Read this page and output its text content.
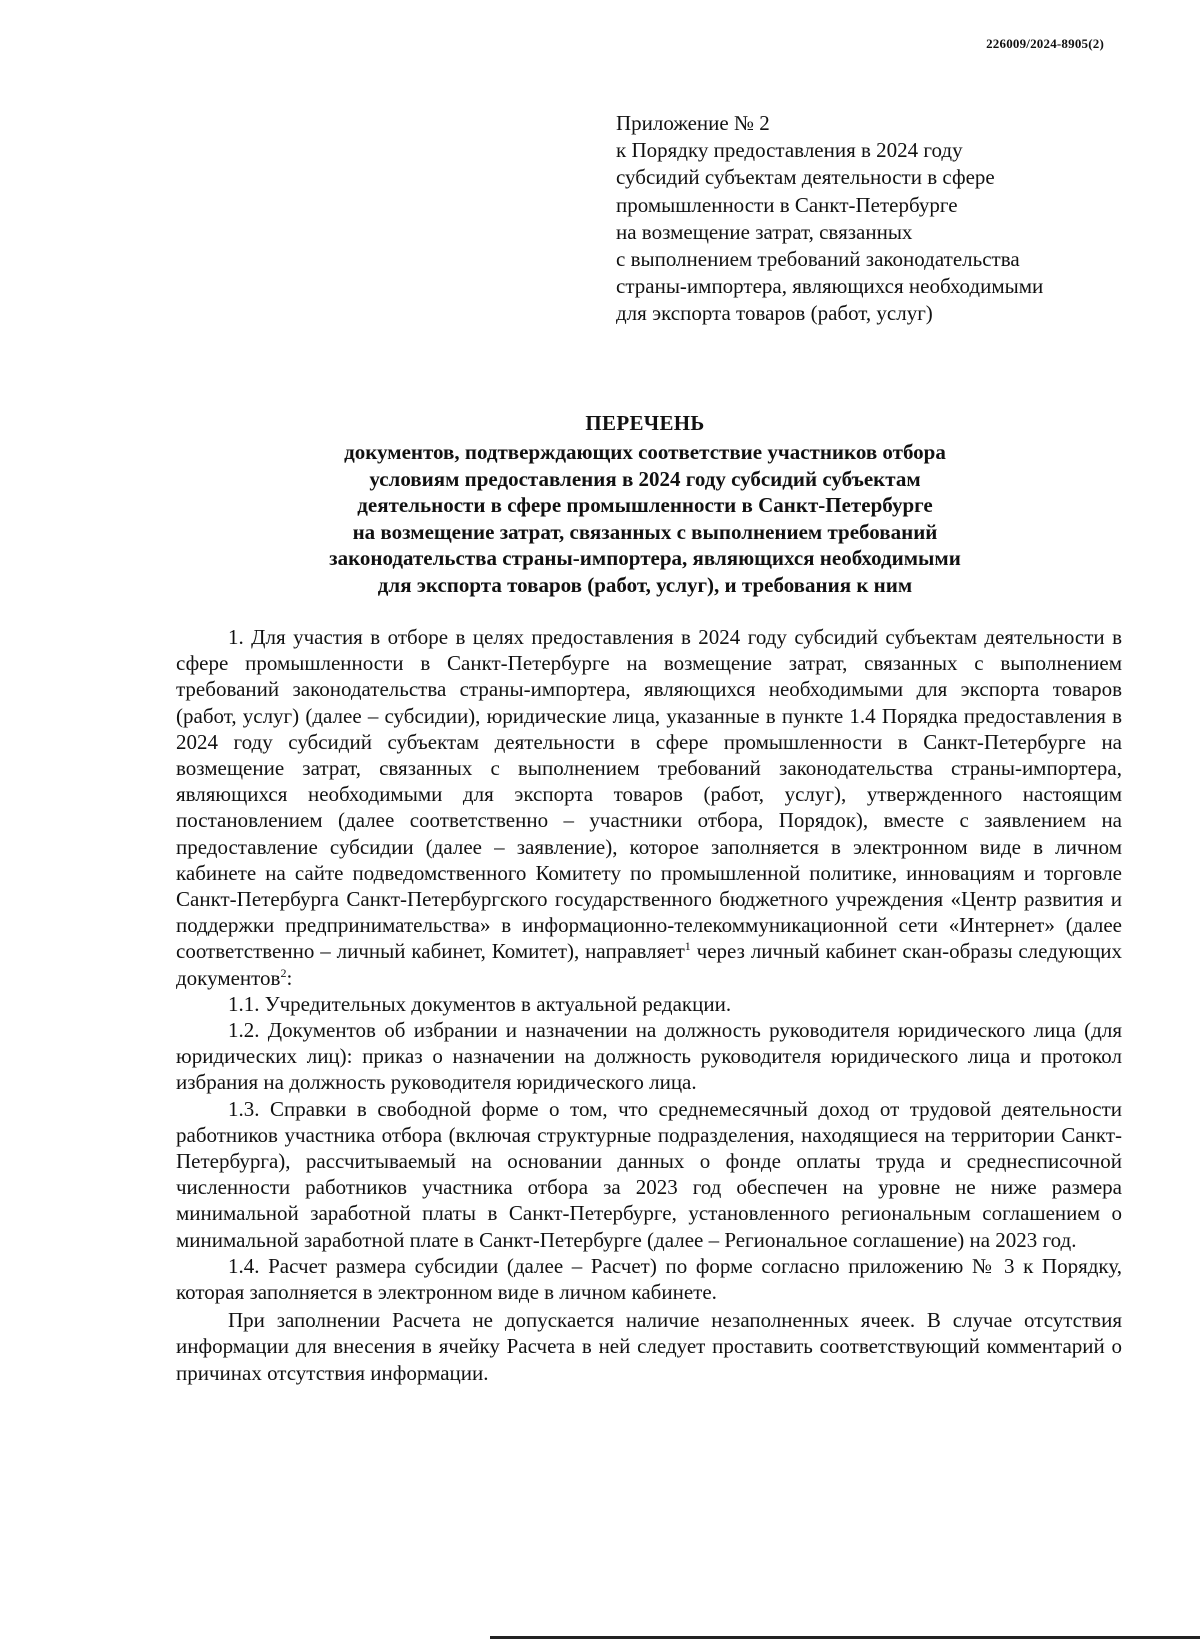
226009/2024-8905(2)
Приложение № 2
к Порядку предоставления в 2024 году
субсидий субъектам деятельности в сфере
промышленности в Санкт-Петербурге
на возмещение затрат, связанных
с выполнением требований законодательства
страны-импортера, являющихся необходимыми
для экспорта товаров (работ, услуг)
ПЕРЕЧЕНЬ
документов, подтверждающих соответствие участников отбора
условиям предоставления в 2024 году субсидий субъектам
деятельности в сфере промышленности в Санкт-Петербурге
на возмещение затрат, связанных с выполнением требований
законодательства страны-импортера, являющихся необходимыми
для экспорта товаров (работ, услуг), и требования к ним

1. Для участия в отборе в целях предоставления в 2024 году субсидий субъектам деятельности в сфере промышленности в Санкт-Петербурге на возмещение затрат, связанных с выполнением требований законодательства страны-импортера, являющихся необходимыми для экспорта товаров (работ, услуг) (далее – субсидии), юридические лица, указанные в пункте 1.4 Порядка предоставления в 2024 году субсидий субъектам деятельности в сфере промышленности в Санкт-Петербурге на возмещение затрат, связанных с выполнением требований законодательства страны-импортера, являющихся необходимыми для экспорта товаров (работ, услуг), утвержденного настоящим постановлением (далее соответственно – участники отбора, Порядок), вместе с заявлением на предоставление субсидии (далее – заявление), которое заполняется в электронном виде в личном кабинете на сайте подведомственного Комитету по промышленной политике, инновациям и торговле Санкт-Петербурга Санкт-Петербургского государственного бюджетного учреждения «Центр развития и поддержки предпринимательства» в информационно-телекоммуникационной сети «Интернет» (далее соответственно – личный кабинет, Комитет), направляет$^1$ через личный кабинет скан-образы следующих документов$^2$:

1.1. Учредительных документов в актуальной редакции.

1.2. Документов об избрании и назначении на должность руководителя юридического лица (для юридических лиц): приказ о назначении на должность руководителя юридического лица и протокол избрания на должность руководителя юридического лица.

1.3. Справки в свободной форме о том, что среднемесячный доход от трудовой деятельности работников участника отбора (включая структурные подразделения, находящиеся на территории Санкт-Петербурга), рассчитываемый на основании данных о фонде оплаты труда и среднесписочной численности работников участника отбора за 2023 год обеспечен на уровне не ниже размера минимальной заработной платы в Санкт-Петербурге, установленного региональным соглашением о минимальной заработной плате в Санкт-Петербурге (далее – Региональное соглашение) на 2023 год.

1.4. Расчет размера субсидии (далее – Расчет) по форме согласно приложению № 3 к Порядку, которая заполняется в электронном виде в личном кабинете.

При заполнении Расчета не допускается наличие незаполненных ячеек. В случае отсутствия информации для внесения в ячейку Расчета в ней следует проставить соответствующий комментарий о причинах отсутствия информации.
